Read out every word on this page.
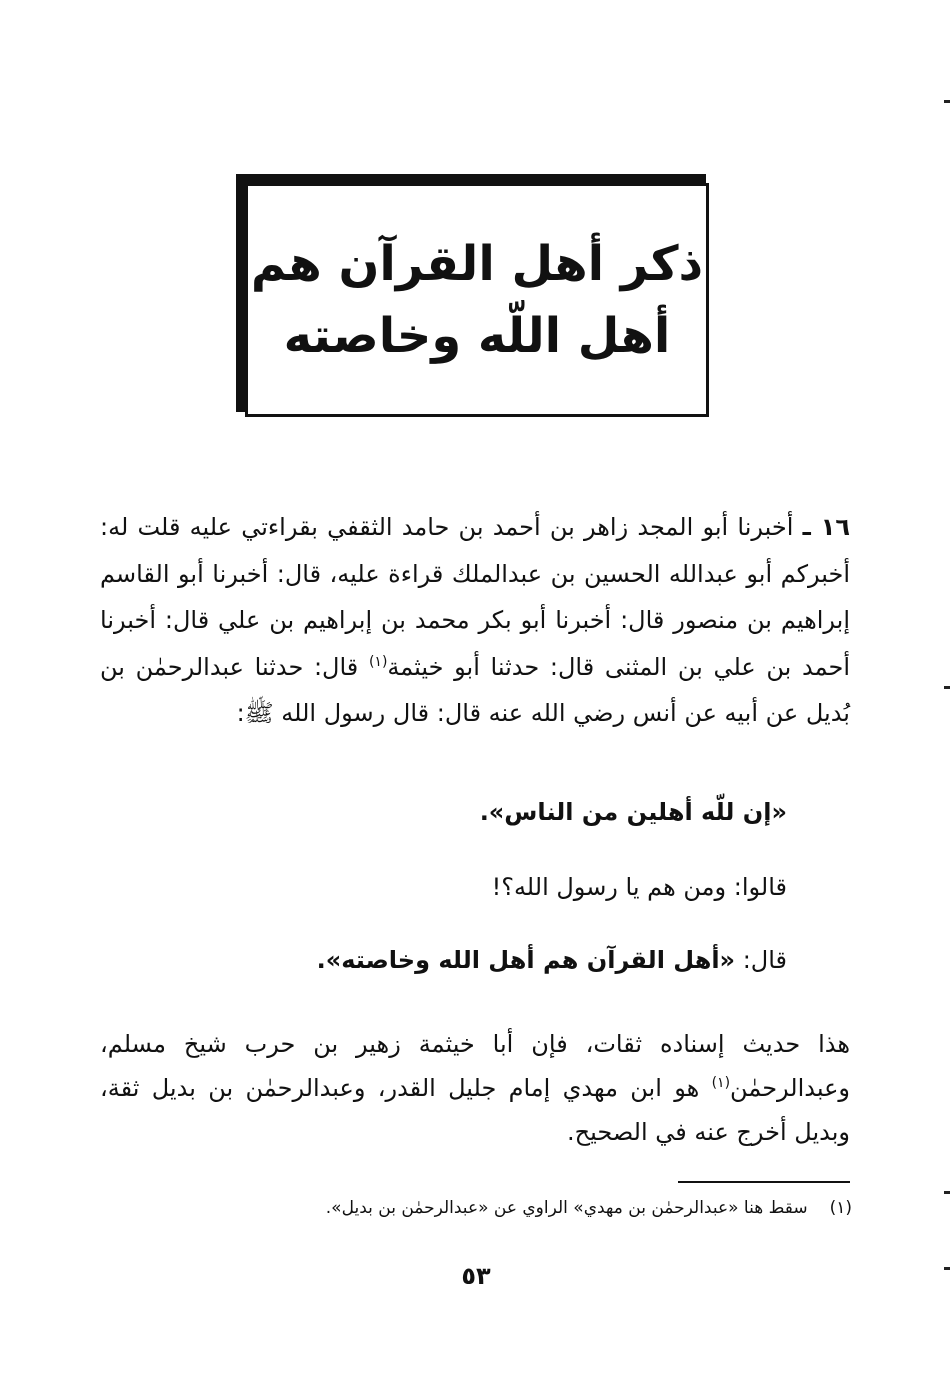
ذكر أهل القرآن هم
أهل اللّه وخاصته
١٦ ـ أخبرنا أبو المجد زاهر بن أحمد بن حامد الثقفي بقراءتي عليه قلت له: أخبركم أبو عبدالله الحسين بن عبدالملك قراءة عليه، قال: أخبرنا أبو القاسم إبراهيم بن منصور قال: أخبرنا أبو بكر محمد بن إبراهيم بن علي قال: أخبرنا أحمد بن علي بن المثنى قال: حدثنا أبو خيثمة$^{(١)}$ قال: حدثنا عبدالرحمٰن بن بُديل عن أبيه عن أنس رضي الله عنه قال: قال رسول الله ﷺ:
«إن للّه أهلين من الناس».
قالوا: ومن هم يا رسول الله؟!
قال: «أهل القرآن هم أهل الله وخاصته».
هذا حديث إسناده ثقات، فإن أبا خيثمة زهير بن حرب شيخ مسلم، وعبدالرحمٰن$^{(١)}$ هو ابن مهدي إمام جليل القدر، وعبدالرحمٰن بن بديل ثقة، وبديل أخرج عنه في الصحيح.
(١)سقط هنا «عبدالرحمٰن بن مهدي» الراوي عن «عبدالرحمٰن بن بديل».
٥٣
